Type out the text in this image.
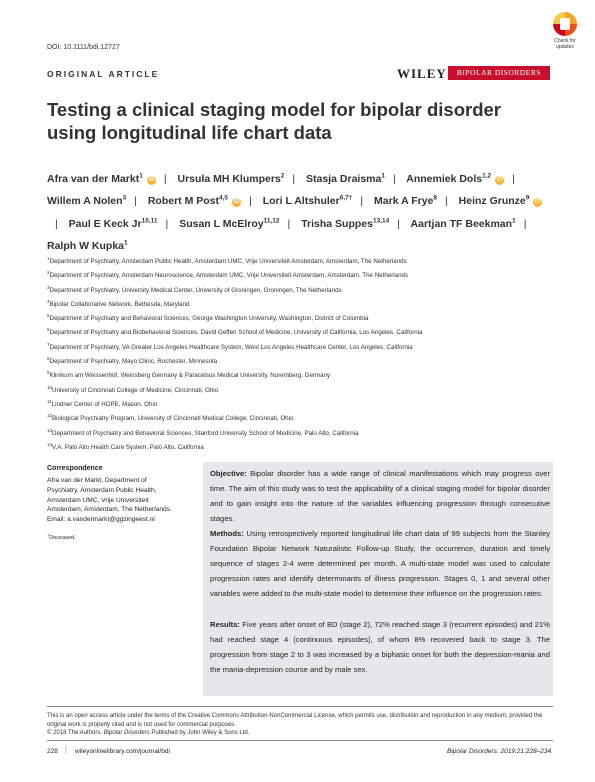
DOI: 10.1111/bdi.12727
Check for updates
ORIGINAL ARTICLE	WILEY	BIPOLAR DISORDERS
Testing a clinical staging model for bipolar disorder using longitudinal life chart data
Afra van der Markt$^1$iD | Ursula MH Klumpers$^2$ | Stasja Draisma$^1$ | Annemiek Dols$^{1,2}$iD | Willem A Nolen$^3$ | Robert M Post$^{4,5}$iD | Lori L Altshuler$^{6,7\dagger}$ | Mark A Frye$^8$ | Heinz Grunze$^9$iD| Paul E Keck Jr$^{10,11}$ | Susan L McElroy$^{11,12}$ | Trisha Suppes$^{13,14}$ | Aartjan TF Beekman$^1$ | Ralph W Kupka$^1$
$^1$Department of Psychiatry, Amsterdam Public Health, Amsterdam UMC, Vrije Universiteit Amsterdam, Amsterdam, The Netherlands
$^2$Department of Psychiatry, Amsterdam Neuroscience, Amsterdam UMC, Vrije Universiteit Amsterdam, Amsterdam, The Netherlands
$^3$Department of Psychiatry, University Medical Center, University of Groningen, Groningen, The Netherlands
$^4$Bipolar Collaborative Network, Bethesda, Maryland
$^5$Department of Psychiatry and Behavioral Sciences, George Washington University, Washington, District of Columbia
$^6$Department of Psychiatry and Biobehavioral Sciences, David Geffen School of Medicine, University of California, Los Angeles, California
$^7$Department of Psychiatry, VA Greater Los Angeles Healthcare System, West Los Angeles Healthcare Center, Los Angeles, California
$^8$Department of Psychiatry, Mayo Clinic, Rochester, Minnesota
$^9$Klinikum am Weissenhof, Weinsberg Germany & Paracelsus Medical University, Nuremberg, Germany
$^{10}$University of Cincinnati College of Medicine, Cincinnati, Ohio
$^{11}$Lindner Center of HOPE, Mason, Ohio
$^{12}$Biological Psychiatry Program, University of Cincinnati Medical College, Cincinnati, Ohio
$^{13}$Department of Psychiatry and Behavioral Sciences, Stanford University School of Medicine, Palo Alto, California
$^{14}$V.A. Palo Alto Health Care System, Palo Alto, California
Correspondence
Afra van der Markt, Department of Psychiatry, Amsterdam Public Health, Amsterdam UMC, Vrije Universiteit Amsterdam, Amsterdam, The Netherlands. Email: a.vandermarkt@ggzingeest.nl
†Deceased.
Objective: Bipolar disorder has a wide range of clinical manifestations which may progress over time. The aim of this study was to test the applicability of a clinical staging model for bipolar disorder and to gain insight into the nature of the variables influencing progression through consecutive stages.
Methods: Using retrospectively reported longitudinal life chart data of 99 subjects from the Stanley Foundation Bipolar Network Naturalistic Follow-up Study, the occurrence, duration and timely sequence of stages 2-4 were determined per month. A multi-state model was used to calculate progression rates and identify determinants of illness progression. Stages 0, 1 and several other variables were added to the multi-state model to determine their influence on the progression rates.
Results: Five years after onset of BD (stage 2), 72% reached stage 3 (recurrent episodes) and 21% had reached stage 4 (continuous episodes), of whom 8% recovered back to stage 3. The progression from stage 2 to 3 was increased by a biphasic onset for both the depression-mania and the mania-depression course and by male sex.
This is an open access article under the terms of the Creative Commons Attribution-NonCommercial License, which permits use, distribution and reproduction in any medium, provided the original work is properly cited and is not used for commercial purposes.
© 2018 The Authors. Bipolar Disorders Published by John Wiley & Sons Ltd.
228 | wileyonlinelibrary.com/journal/bdi	Bipolar Disorders. 2019;21:228–234.
